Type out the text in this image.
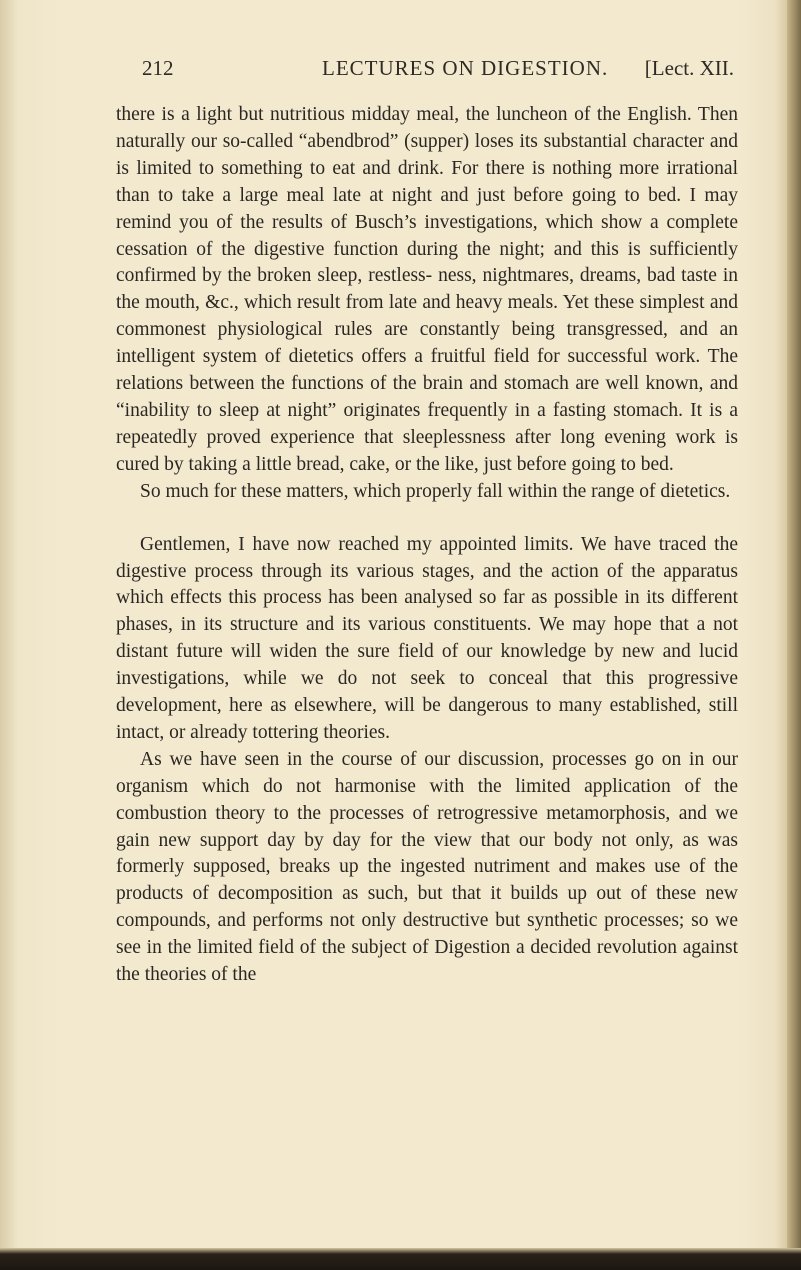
212	LECTURES ON DIGESTION. [Lect. XII.

there is a light but nutritious midday meal, the luncheon of the English. Then naturally our so-called “abendbrod” (supper) loses its substantial character and is limited to something to eat and drink. For there is nothing more irrational than to take a large meal late at night and just before going to bed. I may remind you of the results of Busch’s investigations, which show a complete cessation of the digestive function during the night; and this is sufficiently confirmed by the broken sleep, restless- ness, nightmares, dreams, bad taste in the mouth, &c., which result from late and heavy meals. Yet these simplest and commonest physiological rules are constantly being transgressed, and an intelligent system of dietetics offers a fruitful field for successful work. The relations between the functions of the brain and stomach are well known, and “inability to sleep at night” originates frequently in a fasting stomach. It is a repeatedly proved experience that sleeplessness after long evening work is cured by taking a little bread, cake, or the like, just before going to bed.

So much for these matters, which properly fall within the range of dietetics.

Gentlemen, I have now reached my appointed limits. We have traced the digestive process through its various stages, and the action of the apparatus which effects this process has been analysed so far as possible in its different phases, in its structure and its various constituents. We may hope that a not distant future will widen the sure field of our knowledge by new and lucid investigations, while we do not seek to conceal that this progressive development, here as elsewhere, will be dangerous to many established, still intact, or already tottering theories.

As we have seen in the course of our discussion, processes go on in our organism which do not harmonise with the limited application of the combustion theory to the processes of retrogressive metamorphosis, and we gain new support day by day for the view that our body not only, as was formerly supposed, breaks up the ingested nutriment and makes use of the products of decomposition as such, but that it builds up out of these new compounds, and performs not only destructive but synthetic processes; so we see in the limited field of the subject of Digestion a decided revolution against the theories of the
